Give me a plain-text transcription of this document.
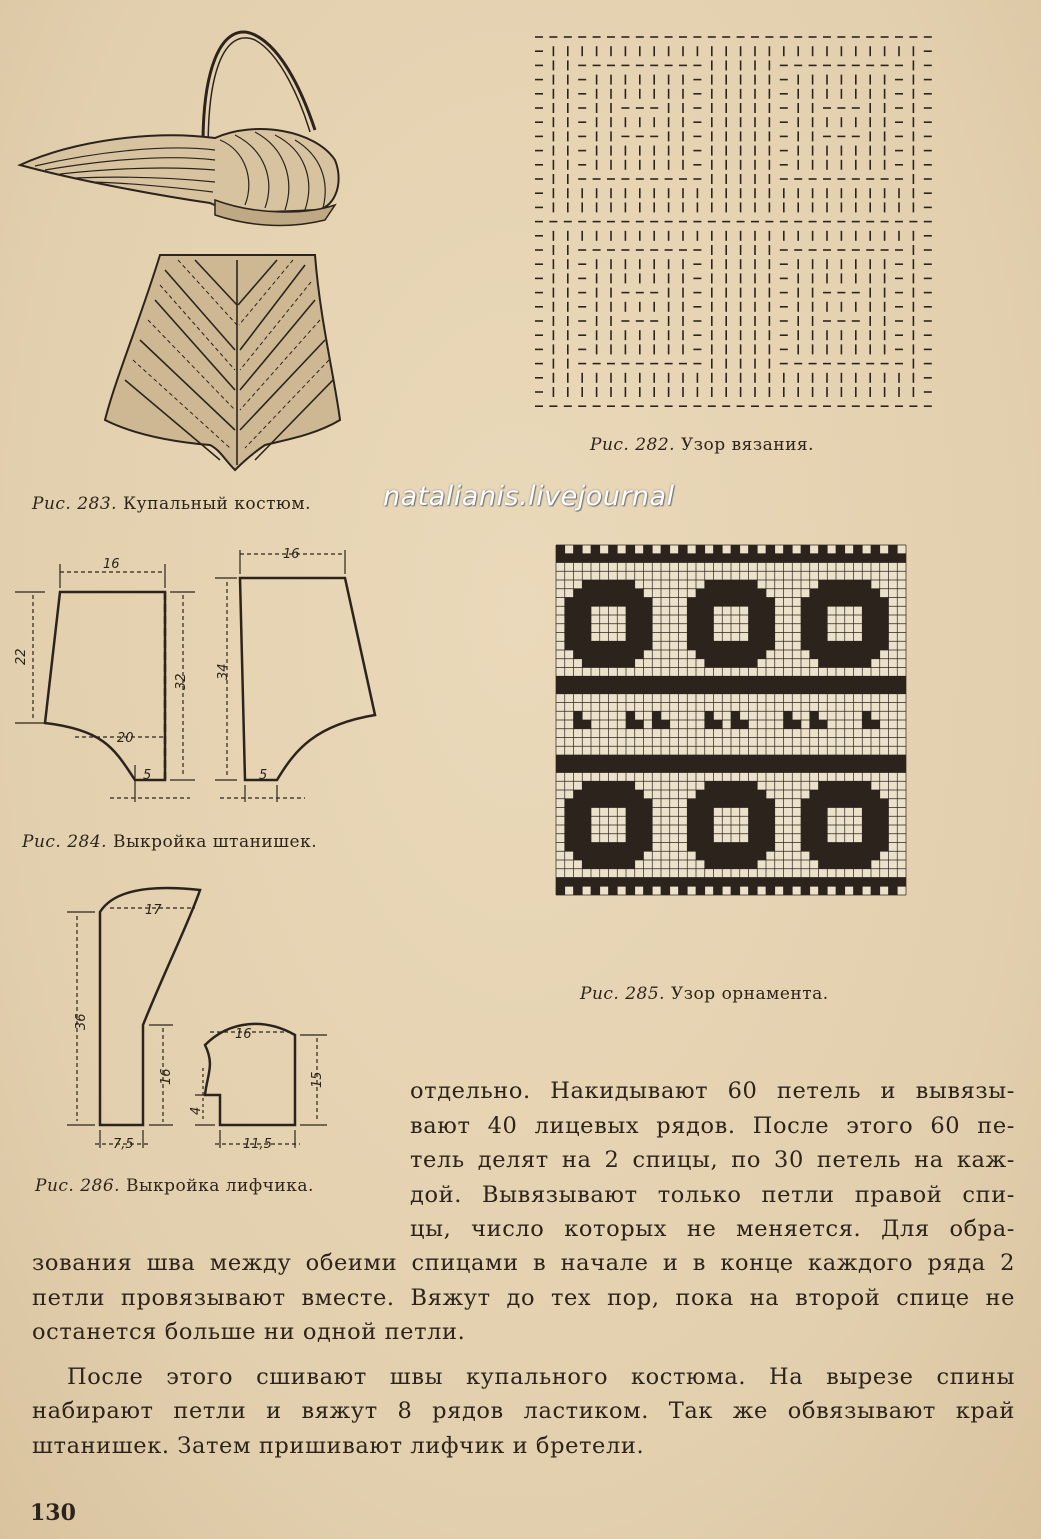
Рис. 283. Купальный костюм.
Рис. 282. Узор вязания.
natalianis.livejournal
16
22
32
20
5
16
34
5
Рис. 284. Выкройка штанишек.
Рис. 285. Узор орнамента.
17
36
16
7,5
16
15
4
11,5
Рис. 286. Выкройка лифчика.

отдельно. Накидывают 60 петель и вывязы-

вают 40 лицевых рядов. После этого 60 пе-

тель делят на 2 спицы, по 30 петель на каж-

дой. Вывязывают только петли правой спи-

цы, число которых не меняется. Для обра-

зования шва между обеими спицами в начале и в конце каждого ряда 2 петли провязывают вместе. Вяжут до тех пор, пока на второй спице не останется больше ни одной петли.

После этого сшивают швы купального костюма. На вырезе спины набирают петли и вяжут 8 рядов ластиком. Так же обвязывают край штанишек. Затем пришивают лифчик и бретели.

130
